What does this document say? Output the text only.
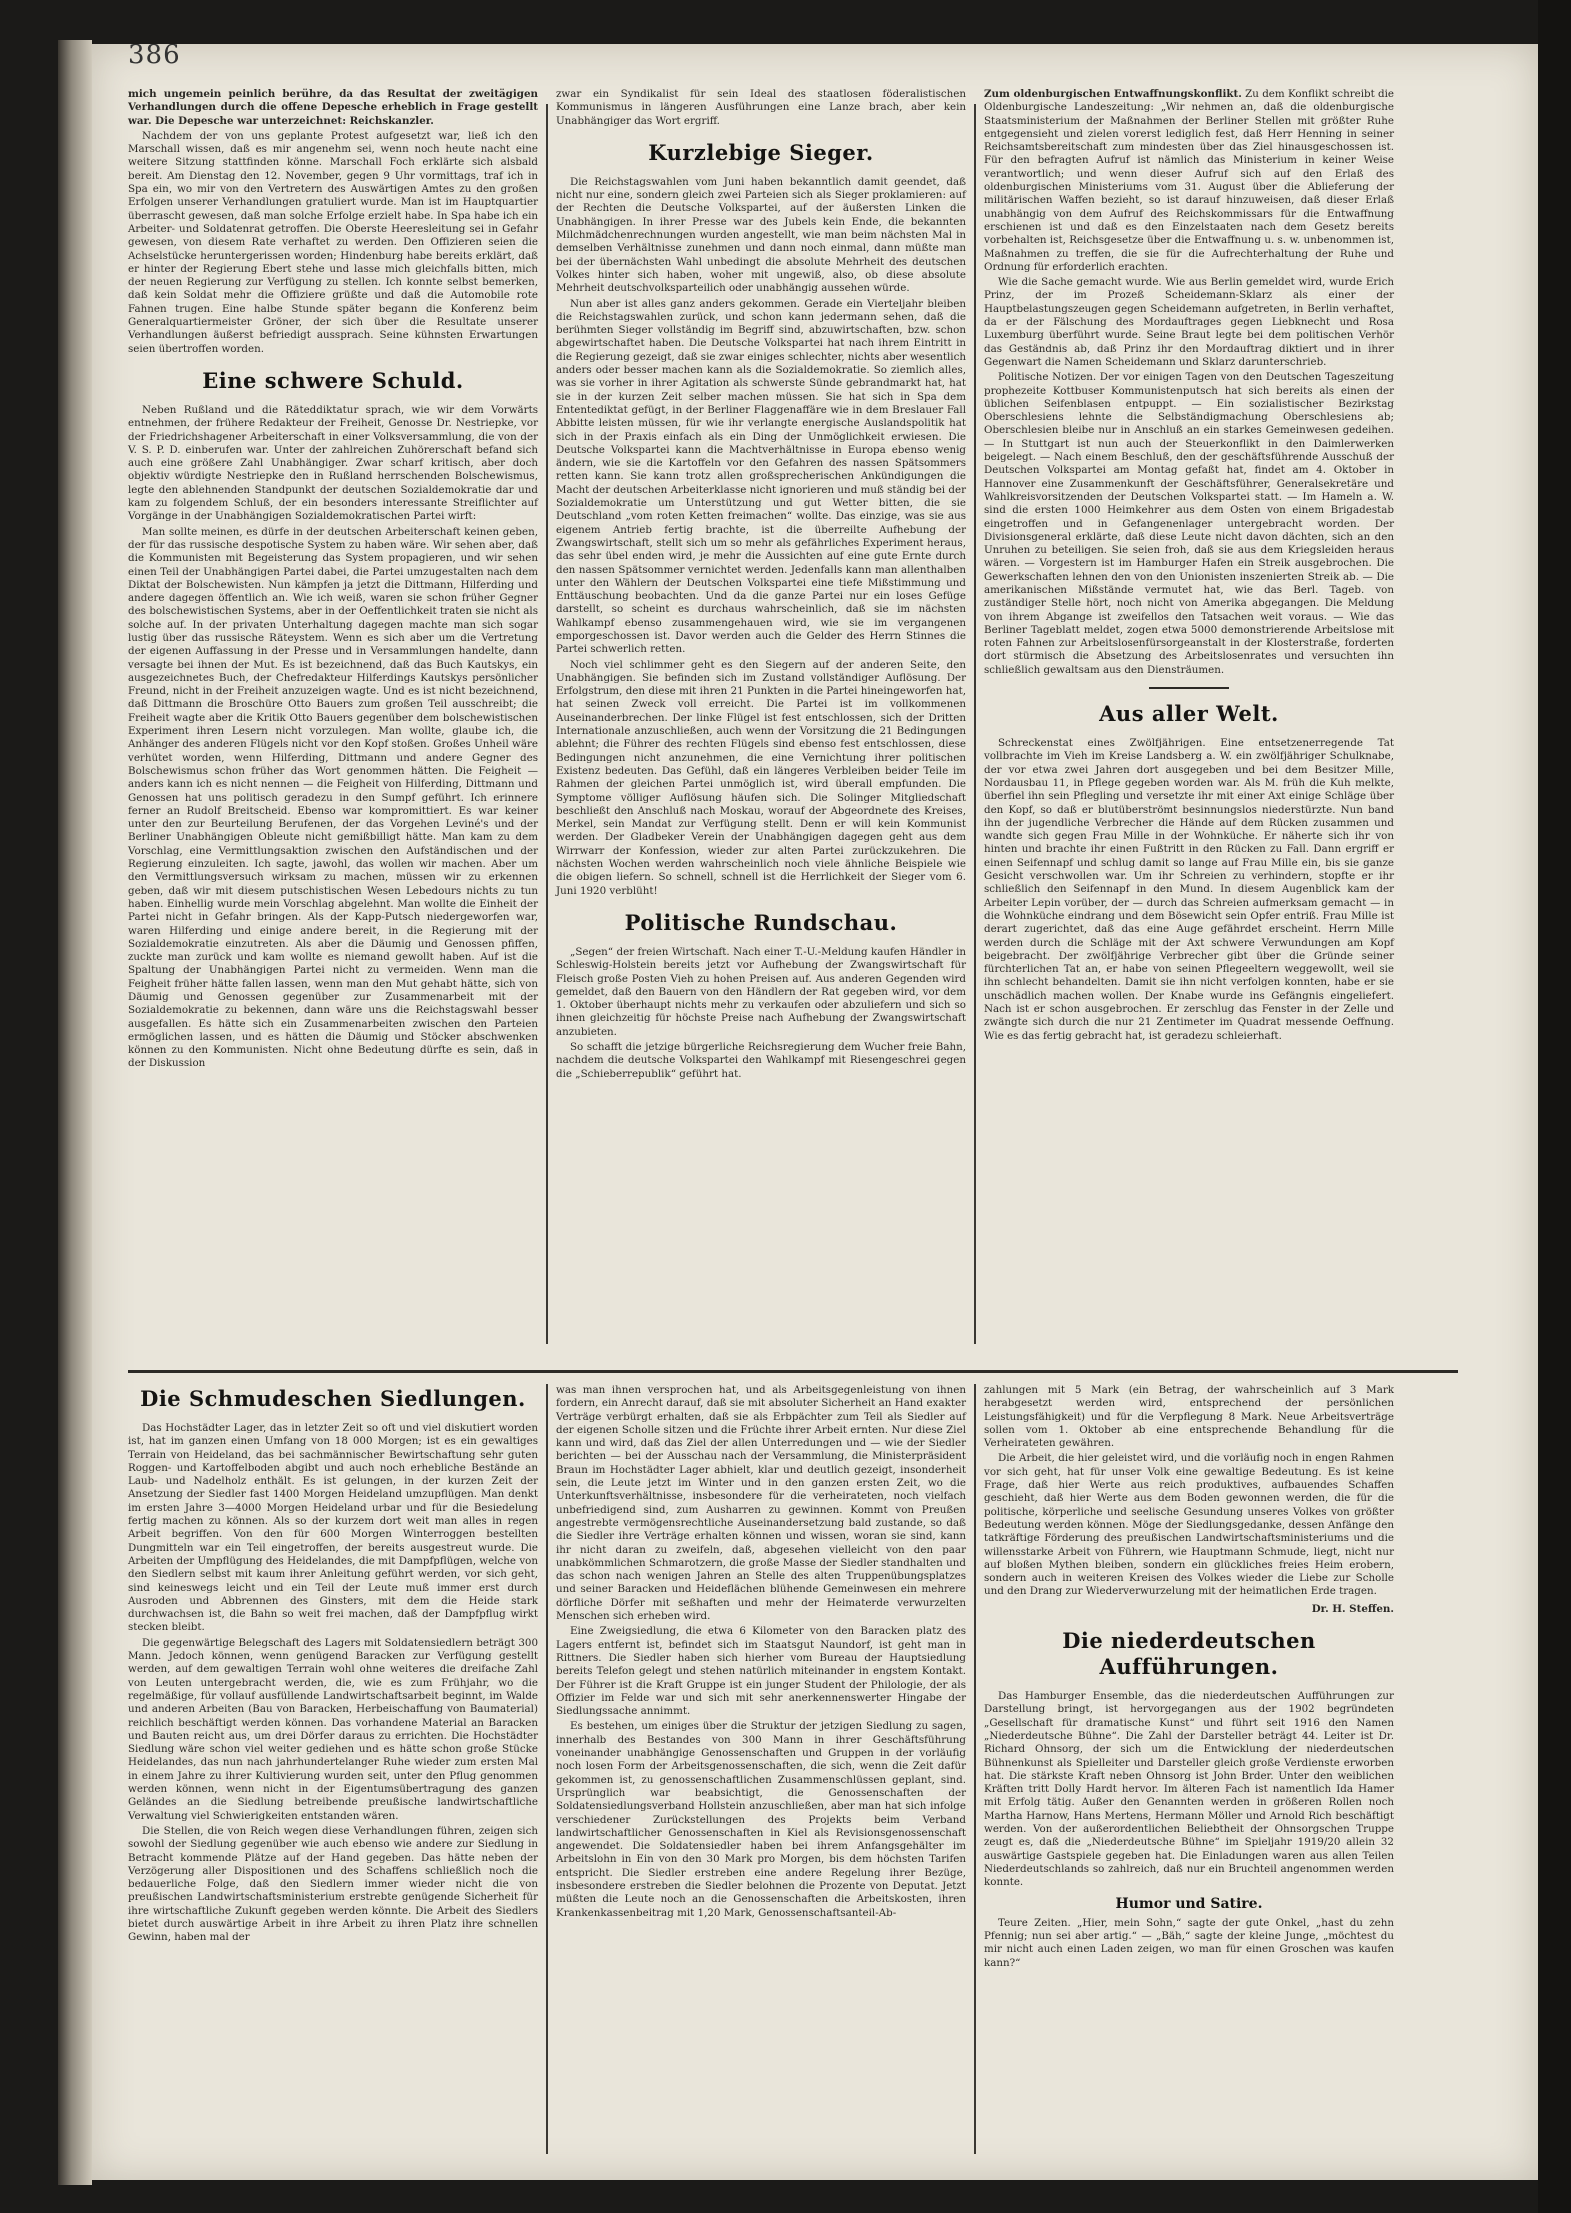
386

mich ungemein peinlich berühre, da das Resultat der zweitägigen Verhandlungen durch die offene Depesche erheblich in Frage gestellt war. Die Depesche war unterzeichnet: Reichskanzler.

Nachdem der von uns geplante Protest aufgesetzt war, ließ ich den Marschall wissen, daß es mir angenehm sei, wenn noch heute nacht eine weitere Sitzung stattfinden könne. Marschall Foch erklärte sich alsbald bereit. Am Dienstag den 12. November, gegen 9 Uhr vormittags, traf ich in Spa ein, wo mir von den Vertretern des Auswärtigen Amtes zu den großen Erfolgen unserer Verhandlungen gratuliert wurde. Man ist im Hauptquartier überrascht gewesen, daß man solche Erfolge erzielt habe. In Spa habe ich ein Arbeiter- und Soldatenrat getroffen. Die Oberste Heeresleitung sei in Gefahr gewesen, von diesem Rate verhaftet zu werden. Den Offizieren seien die Achselstücke heruntergerissen worden; Hindenburg habe bereits erklärt, daß er hinter der Regierung Ebert stehe und lasse mich gleichfalls bitten, mich der neuen Regierung zur Verfügung zu stellen. Ich konnte selbst bemerken, daß kein Soldat mehr die Offiziere grüßte und daß die Automobile rote Fahnen trugen. Eine halbe Stunde später begann die Konferenz beim Generalquartiermeister Gröner, der sich über die Resultate unserer Verhandlungen äußerst befriedigt aussprach. Seine kühnsten Erwartungen seien übertroffen worden.

Eine schwere Schuld.

Neben Rußland und die Räteddiktatur sprach, wie wir dem Vorwärts entnehmen, der frühere Redakteur der Freiheit, Genosse Dr. Nestriepke, vor der Friedrichshagener Arbeiterschaft in einer Volksversammlung, die von der V. S. P. D. einberufen war. Unter der zahlreichen Zuhörerschaft befand sich auch eine größere Zahl Unabhängiger. Zwar scharf kritisch, aber doch objektiv würdigte Nestriepke den in Rußland herrschenden Bolschewismus, legte den ablehnenden Standpunkt der deutschen Sozialdemokratie dar und kam zu folgendem Schluß, der ein besonders interessante Streiflichter auf Vorgänge in der Unabhängigen Sozialdemokratischen Partei wirft:

Man sollte meinen, es dürfe in der deutschen Arbeiterschaft keinen geben, der für das russische despotische System zu haben wäre. Wir sehen aber, daß die Kommunisten mit Begeisterung das System propagieren, und wir sehen einen Teil der Unabhängigen Partei dabei, die Partei umzugestalten nach dem Diktat der Bolschewisten. Nun kämpfen ja jetzt die Dittmann, Hilferding und andere dagegen öffentlich an. Wie ich weiß, waren sie schon früher Gegner des bolschewistischen Systems, aber in der Oeffentlichkeit traten sie nicht als solche auf. In der privaten Unterhaltung dagegen machte man sich sogar lustig über das russische Räteystem. Wenn es sich aber um die Vertretung der eigenen Auffassung in der Presse und in Versammlungen handelte, dann versagte bei ihnen der Mut. Es ist bezeichnend, daß das Buch Kautskys, ein ausgezeichnetes Buch, der Chefredakteur Hilferdings Kautskys persönlicher Freund, nicht in der Freiheit anzuzeigen wagte. Und es ist nicht bezeichnend, daß Dittmann die Broschüre Otto Bauers zum großen Teil ausschreibt; die Freiheit wagte aber die Kritik Otto Bauers gegenüber dem bolschewistischen Experiment ihren Lesern nicht vorzulegen. Man wollte, glaube ich, die Anhänger des anderen Flügels nicht vor den Kopf stoßen. Großes Unheil wäre verhütet worden, wenn Hilferding, Dittmann und andere Gegner des Bolschewismus schon früher das Wort genommen hätten. Die Feigheit — anders kann ich es nicht nennen — die Feigheit von Hilferding, Dittmann und Genossen hat uns politisch geradezu in den Sumpf geführt. Ich erinnere ferner an Rudolf Breitscheid. Ebenso war kompromittiert. Es war keiner unter den zur Beurteilung Berufenen, der das Vorgehen Leviné's und der Berliner Unabhängigen Obleute nicht gemißbilligt hätte. Man kam zu dem Vorschlag, eine Vermittlungsaktion zwischen den Aufständischen und der Regierung einzuleiten. Ich sagte, jawohl, das wollen wir machen. Aber um den Vermittlungsversuch wirksam zu machen, müssen wir zu erkennen geben, daß wir mit diesem putschistischen Wesen Lebedours nichts zu tun haben. Einhellig wurde mein Vorschlag abgelehnt. Man wollte die Einheit der Partei nicht in Gefahr bringen. Als der Kapp-Putsch niedergeworfen war, waren Hilferding und einige andere bereit, in die Regierung mit der Sozialdemokratie einzutreten. Als aber die Däumig und Genossen pfiffen, zuckte man zurück und kam wollte es niemand gewollt haben. Auf ist die Spaltung der Unabhängigen Partei nicht zu vermeiden. Wenn man die Feigheit früher hätte fallen lassen, wenn man den Mut gehabt hätte, sich von Däumig und Genossen gegenüber zur Zusammenarbeit mit der Sozialdemokratie zu bekennen, dann wäre uns die Reichstagswahl besser ausgefallen. Es hätte sich ein Zusammenarbeiten zwischen den Parteien ermöglichen lassen, und es hätten die Däumig und Stöcker abschwenken können zu den Kommunisten. Nicht ohne Bedeutung dürfte es sein, daß in der Diskussion

zwar ein Syndikalist für sein Ideal des staatlosen föderalistischen Kommunismus in längeren Ausführungen eine Lanze brach, aber kein Unabhängiger das Wort ergriff.

Kurzlebige Sieger.

Die Reichstagswahlen vom Juni haben bekanntlich damit geendet, daß nicht nur eine, sondern gleich zwei Parteien sich als Sieger proklamieren: auf der Rechten die Deutsche Volkspartei, auf der äußersten Linken die Unabhängigen. In ihrer Presse war des Jubels kein Ende, die bekannten Milchmädchenrechnungen wurden angestellt, wie man beim nächsten Mal in demselben Verhältnisse zunehmen und dann noch einmal, dann müßte man bei der übernächsten Wahl unbedingt die absolute Mehrheit des deutschen Volkes hinter sich haben, woher mit ungewiß, also, ob diese absolute Mehrheit deutschvolksparteilich oder unabhängig aussehen würde.

Nun aber ist alles ganz anders gekommen. Gerade ein Vierteljahr bleiben die Reichstagswahlen zurück, und schon kann jedermann sehen, daß die berühmten Sieger vollständig im Begriff sind, abzuwirtschaften, bzw. schon abgewirtschaftet haben. Die Deutsche Volkspartei hat nach ihrem Eintritt in die Regierung gezeigt, daß sie zwar einiges schlechter, nichts aber wesentlich anders oder besser machen kann als die Sozialdemokratie. So ziemlich alles, was sie vorher in ihrer Agitation als schwerste Sünde gebrandmarkt hat, hat sie in der kurzen Zeit selber machen müssen. Sie hat sich in Spa dem Ententediktat gefügt, in der Berliner Flaggenaffäre wie in dem Breslauer Fall Abbitte leisten müssen, für wie ihr verlangte energische Auslandspolitik hat sich in der Praxis einfach als ein Ding der Unmöglichkeit erwiesen. Die Deutsche Volkspartei kann die Machtverhältnisse in Europa ebenso wenig ändern, wie sie die Kartoffeln vor den Gefahren des nassen Spätsommers retten kann. Sie kann trotz allen großsprecherischen Ankündigungen die Macht der deutschen Arbeiterklasse nicht ignorieren und muß ständig bei der Sozialdemokratie um Unterstützung und gut Wetter bitten, die sie Deutschland „vom roten Ketten freimachen“ wollte. Das einzige, was sie aus eigenem Antrieb fertig brachte, ist die überreilte Aufhebung der Zwangswirtschaft, stellt sich um so mehr als gefährliches Experiment heraus, das sehr übel enden wird, je mehr die Aussichten auf eine gute Ernte durch den nassen Spätsommer vernichtet werden. Jedenfalls kann man allenthalben unter den Wählern der Deutschen Volkspartei eine tiefe Mißstimmung und Enttäuschung beobachten. Und da die ganze Partei nur ein loses Gefüge darstellt, so scheint es durchaus wahrscheinlich, daß sie im nächsten Wahlkampf ebenso zusammengehauen wird, wie sie im vergangenen emporgeschossen ist. Davor werden auch die Gelder des Herrn Stinnes die Partei schwerlich retten.

Noch viel schlimmer geht es den Siegern auf der anderen Seite, den Unabhängigen. Sie befinden sich im Zustand vollständiger Auflösung. Der Erfolgstrum, den diese mit ihren 21 Punkten in die Partei hineingeworfen hat, hat seinen Zweck voll erreicht. Die Partei ist im vollkommenen Auseinanderbrechen. Der linke Flügel ist fest entschlossen, sich der Dritten Internationale anzuschließen, auch wenn der Vorsitzung die 21 Bedingungen ablehnt; die Führer des rechten Flügels sind ebenso fest entschlossen, diese Bedingungen nicht anzunehmen, die eine Vernichtung ihrer politischen Existenz bedeuten. Das Gefühl, daß ein längeres Verbleiben beider Teile im Rahmen der gleichen Partei unmöglich ist, wird überall empfunden. Die Symptome völliger Auflösung häufen sich. Die Solinger Mitgliedschaft beschließt den Anschluß nach Moskau, worauf der Abgeordnete des Kreises, Merkel, sein Mandat zur Verfügung stellt. Denn er will kein Kommunist werden. Der Gladbeker Verein der Unabhängigen dagegen geht aus dem Wirrwarr der Konfession, wieder zur alten Partei zurückzukehren. Die nächsten Wochen werden wahrscheinlich noch viele ähnliche Beispiele wie die obigen liefern. So schnell, schnell ist die Herrlichkeit der Sieger vom 6. Juni 1920 verblüht!

Politische Rundschau.

„Segen“ der freien Wirtschaft. Nach einer T.-U.-Meldung kaufen Händler in Schleswig-Holstein bereits jetzt vor Aufhebung der Zwangswirtschaft für Fleisch große Posten Vieh zu hohen Preisen auf. Aus anderen Gegenden wird gemeldet, daß den Bauern von den Händlern der Rat gegeben wird, vor dem 1. Oktober überhaupt nichts mehr zu verkaufen oder abzuliefern und sich so ihnen gleichzeitig für höchste Preise nach Aufhebung der Zwangswirtschaft anzubieten.

So schafft die jetzige bürgerliche Reichsregierung dem Wucher freie Bahn, nachdem die deutsche Volkspartei den Wahlkampf mit Riesengeschrei gegen die „Schieberrepublik“ geführt hat.

Zum oldenburgischen Entwaffnungskonflikt. Zu dem Konflikt schreibt die Oldenburgische Landeszeitung: „Wir nehmen an, daß die oldenburgische Staatsministerium der Maßnahmen der Berliner Stellen mit größter Ruhe entgegensieht und zielen vorerst lediglich fest, daß Herr Henning in seiner Reichsamtsbereitschaft zum mindesten über das Ziel hinausgeschossen ist. Für den befragten Aufruf ist nämlich das Ministerium in keiner Weise verantwortlich; und wenn dieser Aufruf sich auf den Erlaß des oldenburgischen Ministeriums vom 31. August über die Ablieferung der militärischen Waffen bezieht, so ist darauf hinzuweisen, daß dieser Erlaß unabhängig von dem Aufruf des Reichskommissars für die Entwaffnung erschienen ist und daß es den Einzelstaaten nach dem Gesetz bereits vorbehalten ist, Reichsgesetze über die Entwaffnung u. s. w. unbenommen ist, Maßnahmen zu treffen, die sie für die Aufrechterhaltung der Ruhe und Ordnung für erforderlich erachten.

Wie die Sache gemacht wurde. Wie aus Berlin gemeldet wird, wurde Erich Prinz, der im Prozeß Scheidemann-Sklarz als einer der Hauptbelastungszeugen gegen Scheidemann aufgetreten, in Berlin verhaftet, da er der Fälschung des Mordauftrages gegen Liebknecht und Rosa Luxemburg überführt wurde. Seine Braut legte bei dem politischen Verhör das Geständnis ab, daß Prinz ihr den Mordauftrag diktiert und in ihrer Gegenwart die Namen Scheidemann und Sklarz darunterschrieb.

Politische Notizen. Der vor einigen Tagen von den Deutschen Tageszeitung prophezeite Kottbuser Kommunistenputsch hat sich bereits als einen der üblichen Seifenblasen entpuppt. — Ein sozialistischer Bezirkstag Oberschlesiens lehnte die Selbständigmachung Oberschlesiens ab; Oberschlesien bleibe nur in Anschluß an ein starkes Gemeinwesen gedeihen. — In Stuttgart ist nun auch der Steuerkonflikt in den Daimlerwerken beigelegt. — Nach einem Beschluß, den der geschäftsführende Ausschuß der Deutschen Volkspartei am Montag gefaßt hat, findet am 4. Oktober in Hannover eine Zusammenkunft der Geschäftsführer, Generalsekretäre und Wahlkreisvorsitzenden der Deutschen Volkspartei statt. — Im Hameln a. W. sind die ersten 1000 Heimkehrer aus dem Osten von einem Brigadestab eingetroffen und in Gefangenenlager untergebracht worden. Der Divisionsgeneral erklärte, daß diese Leute nicht davon dächten, sich an den Unruhen zu beteiligen. Sie seien froh, daß sie aus dem Kriegsleiden heraus wären. — Vorgestern ist im Hamburger Hafen ein Streik ausgebrochen. Die Gewerkschaften lehnen den von den Unionisten inszenierten Streik ab. — Die amerikanischen Mißstände vermutet hat, wie das Berl. Tageb. von zuständiger Stelle hört, noch nicht von Amerika abgegangen. Die Meldung von ihrem Abgange ist zweifellos den Tatsachen weit voraus. — Wie das Berliner Tageblatt meldet, zogen etwa 5000 demonstrierende Arbeitslose mit roten Fahnen zur Arbeitslosenfürsorgeanstalt in der Klosterstraße, forderten dort stürmisch die Absetzung des Arbeitslosenrates und versuchten ihn schließlich gewaltsam aus den Diensträumen.

Aus aller Welt.

Schreckenstat eines Zwölfjährigen. Eine entsetzenerregende Tat vollbrachte im Vieh im Kreise Landsberg a. W. ein zwölfjähriger Schulknabe, der vor etwa zwei Jahren dort ausgegeben und bei dem Besitzer Mille, Nordausbau 11, in Pflege gegeben worden war. Als M. früh die Kuh melkte, überfiel ihn sein Pflegling und versetzte ihr mit einer Axt einige Schläge über den Kopf, so daß er blutüberströmt besinnungslos niederstürzte. Nun band ihn der jugendliche Verbrecher die Hände auf dem Rücken zusammen und wandte sich gegen Frau Mille in der Wohnküche. Er näherte sich ihr von hinten und brachte ihr einen Fußtritt in den Rücken zu Fall. Dann ergriff er einen Seifennapf und schlug damit so lange auf Frau Mille ein, bis sie ganze Gesicht verschwollen war. Um ihr Schreien zu verhindern, stopfte er ihr schließlich den Seifennapf in den Mund. In diesem Augenblick kam der Arbeiter Lepin vorüber, der — durch das Schreien aufmerksam gemacht — in die Wohnküche eindrang und dem Bösewicht sein Opfer entriß. Frau Mille ist derart zugerichtet, daß das eine Auge gefährdet erscheint. Herrn Mille werden durch die Schläge mit der Axt schwere Verwundungen am Kopf beigebracht. Der zwölfjährige Verbrecher gibt über die Gründe seiner fürchterlichen Tat an, er habe von seinen Pflegeeltern weggewollt, weil sie ihn schlecht behandelten. Damit sie ihn nicht verfolgen konnten, habe er sie unschädlich machen wollen. Der Knabe wurde ins Gefängnis eingeliefert. Nach ist er schon ausgebrochen. Er zerschlug das Fenster in der Zelle und zwängte sich durch die nur 21 Zentimeter im Quadrat messende Oeffnung. Wie es das fertig gebracht hat, ist geradezu schleierhaft.

Die Schmudeschen Siedlungen.

Das Hochstädter Lager, das in letzter Zeit so oft und viel diskutiert worden ist, hat im ganzen einen Umfang von 18 000 Morgen; ist es ein gewaltiges Terrain von Heideland, das bei sachmännischer Bewirtschaftung sehr guten Roggen- und Kartoffelboden abgibt und auch noch erhebliche Bestände an Laub- und Nadelholz enthält. Es ist gelungen, in der kurzen Zeit der Ansetzung der Siedler fast 1400 Morgen Heideland umzupflügen. Man denkt im ersten Jahre 3—4000 Morgen Heideland urbar und für die Besiedelung fertig machen zu können. Als so der kurzem dort weit man alles in regen Arbeit begriffen. Von den für 600 Morgen Winterroggen bestellten Dungmitteln war ein Teil eingetroffen, der bereits ausgestreut wurde. Die Arbeiten der Umpflügung des Heidelandes, die mit Dampfpflügen, welche von den Siedlern selbst mit kaum ihrer Anleitung geführt werden, vor sich geht, sind keineswegs leicht und ein Teil der Leute muß immer erst durch Ausroden und Abbrennen des Ginsters, mit dem die Heide stark durchwachsen ist, die Bahn so weit frei machen, daß der Dampfpflug wirkt stecken bleibt.

Die gegenwärtige Belegschaft des Lagers mit Soldatensiedlern beträgt 300 Mann. Jedoch können, wenn genügend Baracken zur Verfügung gestellt werden, auf dem gewaltigen Terrain wohl ohne weiteres die dreifache Zahl von Leuten untergebracht werden, die, wie es zum Frühjahr, wo die regelmäßige, für vollauf ausfüllende Landwirtschaftsarbeit beginnt, im Walde und anderen Arbeiten (Bau von Baracken, Herbeischaffung von Baumaterial) reichlich beschäftigt werden können. Das vorhandene Material an Baracken und Bauten reicht aus, um drei Dörfer daraus zu errichten. Die Hochstädter Siedlung wäre schon viel weiter gediehen und es hätte schon große Stücke Heidelandes, das nun nach jahrhundertelanger Ruhe wieder zum ersten Mal in einem Jahre zu ihrer Kultivierung wurden seit, unter den Pflug genommen werden können, wenn nicht in der Eigentumsübertragung des ganzen Geländes an die Siedlung betreibende preußische landwirtschaftliche Verwaltung viel Schwierigkeiten entstanden wären.

Die Stellen, die von Reich wegen diese Verhandlungen führen, zeigen sich sowohl der Siedlung gegenüber wie auch ebenso wie andere zur Siedlung in Betracht kommende Plätze auf der Hand gegeben. Das hätte neben der Verzögerung aller Dispositionen und des Schaffens schließlich noch die bedauerliche Folge, daß den Siedlern immer wieder nicht die von preußischen Landwirtschaftsministerium erstrebte genügende Sicherheit für ihre wirtschaftliche Zukunft gegeben werden könnte. Die Arbeit des Siedlers bietet durch auswärtige Arbeit in ihre Arbeit zu ihren Platz ihre schnellen Gewinn, haben mal der

was man ihnen versprochen hat, und als Arbeitsgegenleistung von ihnen fordern, ein Anrecht darauf, daß sie mit absoluter Sicherheit an Hand exakter Verträge verbürgt erhalten, daß sie als Erbpächter zum Teil als Siedler auf der eigenen Scholle sitzen und die Früchte ihrer Arbeit ernten. Nur diese Ziel kann und wird, daß das Ziel der allen Unterredungen und — wie der Siedler berichten — bei der Ausschau nach der Versammlung, die Ministerpräsident Braun im Hochstädter Lager abhielt, klar und deutlich gezeigt, insonderheit sein, die Leute jetzt im Winter und in den ganzen ersten Zeit, wo die Unterkunftsverhältnisse, insbesondere für die verheirateten, noch vielfach unbefriedigend sind, zum Ausharren zu gewinnen. Kommt von Preußen angestrebte vermögensrechtliche Auseinandersetzung bald zustande, so daß die Siedler ihre Verträge erhalten können und wissen, woran sie sind, kann ihr nicht daran zu zweifeln, daß, abgesehen vielleicht von den paar unabkömmlichen Schmarotzern, die große Masse der Siedler standhalten und das schon nach wenigen Jahren an Stelle des alten Truppenübungsplatzes und seiner Baracken und Heideflächen blühende Gemeinwesen ein mehrere dörfliche Dörfer mit seßhaften und mehr der Heimaterde verwurzelten Menschen sich erheben wird.

Eine Zweigsiedlung, die etwa 6 Kilometer von den Baracken platz des Lagers entfernt ist, befindet sich im Staatsgut Naundorf, ist geht man in Rittners. Die Siedler haben sich hierher vom Bureau der Hauptsiedlung bereits Telefon gelegt und stehen natürlich miteinander in engstem Kontakt. Der Führer ist die Kraft Gruppe ist ein junger Student der Philologie, der als Offizier im Felde war und sich mit sehr anerkennenswerter Hingabe der Siedlungssache annimmt.

Es bestehen, um einiges über die Struktur der jetzigen Siedlung zu sagen, innerhalb des Bestandes von 300 Mann in ihrer Geschäftsführung voneinander unabhängige Genossenschaften und Gruppen in der vorläufig noch losen Form der Arbeitsgenossenschaften, die sich, wenn die Zeit dafür gekommen ist, zu genossenschaftlichen Zusammenschlüssen geplant, sind. Ursprünglich war beabsichtigt, die Genossenschaften der Soldatensiedlungsverband Hollstein anzuschließen, aber man hat sich infolge verschiedener Zurückstellungen des Projekts beim Verband landwirtschaftlicher Genossenschaften in Kiel als Revisionsgenossenschaft angewendet. Die Soldatensiedler haben bei ihrem Anfangsgehälter im Arbeitslohn in Ein von den 30 Mark pro Morgen, bis dem höchsten Tarifen entspricht. Die Siedler erstreben eine andere Regelung ihrer Bezüge, insbesondere erstreben die Siedler belohnen die Prozente von Deputat. Jetzt müßten die Leute noch an die Genossenschaften die Arbeitskosten, ihren Krankenkassenbeitrag mit 1,20 Mark, Genossenschaftsanteil-Ab-

zahlungen mit 5 Mark (ein Betrag, der wahrscheinlich auf 3 Mark herabgesetzt werden wird, entsprechend der persönlichen Leistungsfähigkeit) und für die Verpflegung 8 Mark. Neue Arbeitsverträge sollen vom 1. Oktober ab eine entsprechende Behandlung für die Verheirateten gewähren.

Die Arbeit, die hier geleistet wird, und die vorläufig noch in engen Rahmen vor sich geht, hat für unser Volk eine gewaltige Bedeutung. Es ist keine Frage, daß hier Werte aus reich produktives, aufbauendes Schaffen geschieht, daß hier Werte aus dem Boden gewonnen werden, die für die politische, körperliche und seelische Gesundung unseres Volkes von größter Bedeutung werden können. Möge der Siedlungsgedanke, dessen Anfänge den tatkräftige Förderung des preußischen Landwirtschaftsministeriums und die willensstarke Arbeit von Führern, wie Hauptmann Schmude, liegt, nicht nur auf bloßen Mythen bleiben, sondern ein glückliches freies Heim erobern, sondern auch in weiteren Kreisen des Volkes wieder die Liebe zur Scholle und den Drang zur Wiederverwurzelung mit der heimatlichen Erde tragen.

Dr. H. Steffen.
Die niederdeutschen Aufführungen.

Das Hamburger Ensemble, das die niederdeutschen Aufführungen zur Darstellung bringt, ist hervorgegangen aus der 1902 begründeten „Gesellschaft für dramatische Kunst“ und führt seit 1916 den Namen „Niederdeutsche Bühne“. Die Zahl der Darsteller beträgt 44. Leiter ist Dr. Richard Ohnsorg, der sich um die Entwicklung der niederdeutschen Bühnenkunst als Spielleiter und Darsteller gleich große Verdienste erworben hat. Die stärkste Kraft neben Ohnsorg ist John Brder. Unter den weiblichen Kräften tritt Dolly Hardt hervor. Im älteren Fach ist namentlich Ida Hamer mit Erfolg tätig. Außer den Genannten werden in größeren Rollen noch Martha Harnow, Hans Mertens, Hermann Möller und Arnold Rich beschäftigt werden. Von der außerordentlichen Beliebtheit der Ohnsorgschen Truppe zeugt es, daß die „Niederdeutsche Bühne“ im Spieljahr 1919/20 allein 32 auswärtige Gastspiele gegeben hat. Die Einladungen waren aus allen Teilen Niederdeutschlands so zahlreich, daß nur ein Bruchteil angenommen werden konnte.

Humor und Satire.

Teure Zeiten. „Hier, mein Sohn,“ sagte der gute Onkel, „hast du zehn Pfennig; nun sei aber artig.“ — „Bäh,“ sagte der kleine Junge, „möchtest du mir nicht auch einen Laden zeigen, wo man für einen Groschen was kaufen kann?“
